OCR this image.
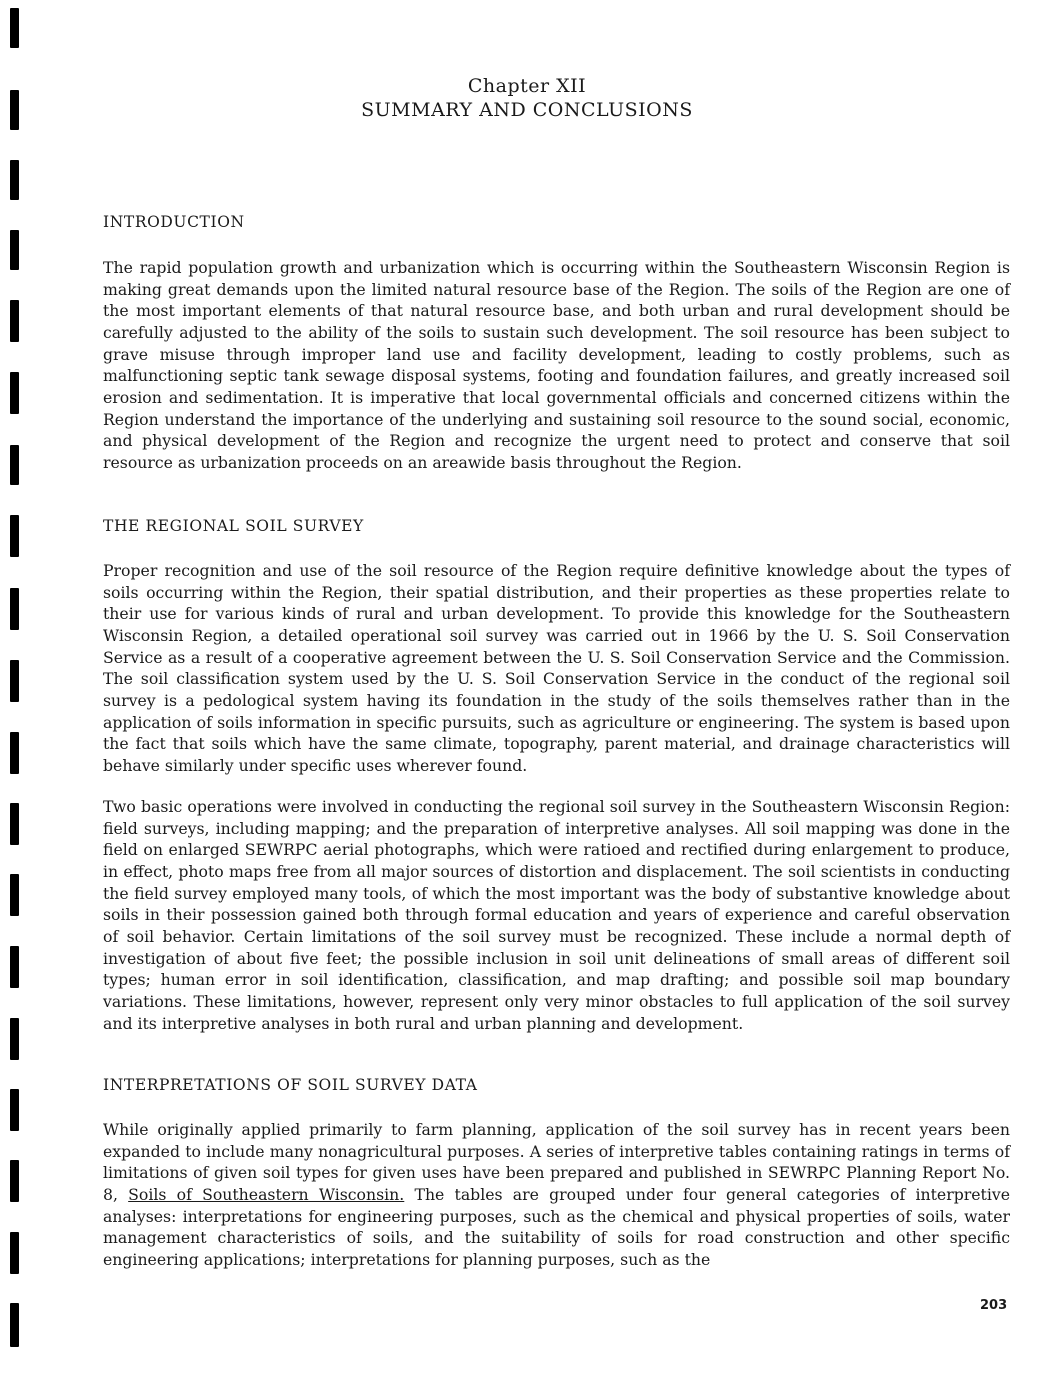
Chapter XII
SUMMARY AND CONCLUSIONS
INTRODUCTION

The rapid population growth and urbanization which is occurring within the Southeastern Wisconsin Region is making great demands upon the limited natural resource base of the Region. The soils of the Region are one of the most important elements of that natural resource base, and both urban and rural development should be carefully adjusted to the ability of the soils to sustain such development. The soil resource has been subject to grave misuse through improper land use and facility development, leading to costly problems, such as malfunctioning septic tank sewage disposal systems, footing and foundation failures, and greatly increased soil erosion and sedimentation. It is imperative that local governmental officials and concerned citizens within the Region understand the importance of the underlying and sustaining soil resource to the sound social, economic, and physical development of the Region and recognize the urgent need to protect and conserve that soil resource as urbanization proceeds on an areawide basis throughout the Region.

THE REGIONAL SOIL SURVEY

Proper recognition and use of the soil resource of the Region require definitive knowledge about the types of soils occurring within the Region, their spatial distribution, and their properties as these properties relate to their use for various kinds of rural and urban development. To provide this knowledge for the Southeastern Wisconsin Region, a detailed operational soil survey was carried out in 1966 by the U. S. Soil Conservation Service as a result of a cooperative agreement between the U. S. Soil Conservation Service and the Commission. The soil classification system used by the U. S. Soil Conservation Service in the conduct of the regional soil survey is a pedological system having its foundation in the study of the soils themselves rather than in the application of soils information in specific pursuits, such as agriculture or engineering. The system is based upon the fact that soils which have the same climate, topography, parent material, and drainage characteristics will behave similarly under specific uses wherever found.

Two basic operations were involved in conducting the regional soil survey in the Southeastern Wisconsin Region: field surveys, including mapping; and the preparation of interpretive analyses. All soil mapping was done in the field on enlarged SEWRPC aerial photographs, which were ratioed and rectified during enlargement to produce, in effect, photo maps free from all major sources of distortion and displacement. The soil scientists in conducting the field survey employed many tools, of which the most important was the body of substantive knowledge about soils in their possession gained both through formal education and years of experience and careful observation of soil behavior. Certain limitations of the soil survey must be recognized. These include a normal depth of investigation of about five feet; the possible inclusion in soil unit delineations of small areas of different soil types; human error in soil identification, classification, and map drafting; and possible soil map boundary variations. These limitations, however, represent only very minor obstacles to full application of the soil survey and its interpretive analyses in both rural and urban planning and development.

INTERPRETATIONS OF SOIL SURVEY DATA

While originally applied primarily to farm planning, application of the soil survey has in recent years been expanded to include many nonagricultural purposes. A series of interpretive tables containing ratings in terms of limitations of given soil types for given uses have been prepared and published in SEWRPC Planning Report No. 8, Soils of Southeastern Wisconsin. The tables are grouped under four general categories of interpretive analyses: interpretations for engineering purposes, such as the chemical and physical properties of soils, water management characteristics of soils, and the suitability of soils for road construction and other specific engineering applications; interpretations for planning purposes, such as the

203
